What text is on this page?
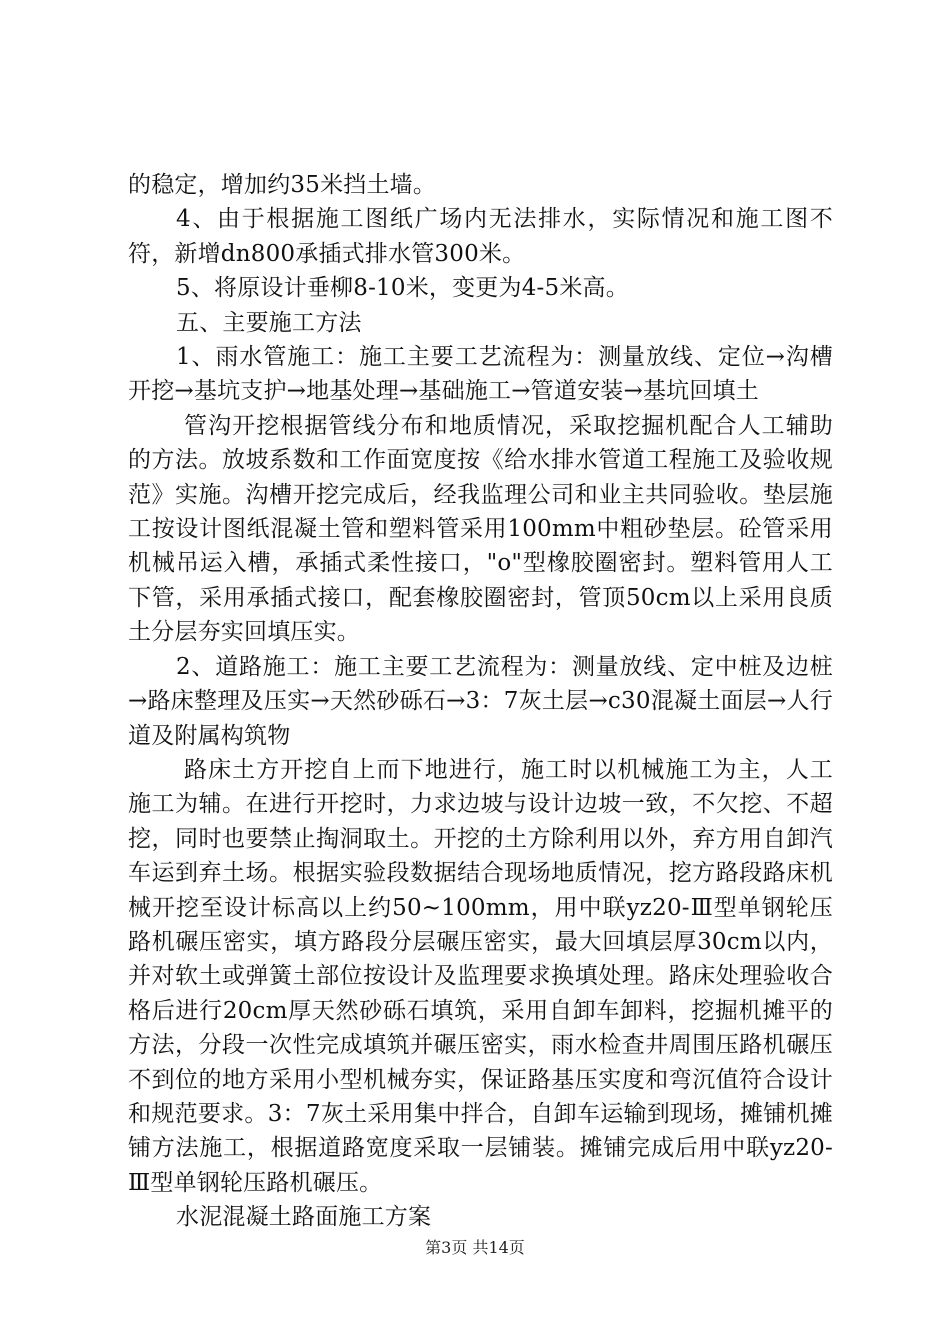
的稳定，增加约35米挡土墙。

4、由于根据施工图纸广场内无法排水，实际情况和施工图不符，新增dn800承插式排水管300米。

5、将原设计垂柳8-10米，变更为4-5米高。

五、主要施工方法

1、雨水管施工：施工主要工艺流程为：测量放线、定位→沟槽开挖→基坑支护→地基处理→基础施工→管道安装→基坑回填土

管沟开挖根据管线分布和地质情况，采取挖掘机配合人工辅助的方法。放坡系数和工作面宽度按《给水排水管道工程施工及验收规范》实施。沟槽开挖完成后，经我监理公司和业主共同验收。垫层施工按设计图纸混凝土管和塑料管采用100mm中粗砂垫层。砼管采用机械吊运入槽，承插式柔性接口，"o"型橡胶圈密封。塑料管用人工下管，采用承插式接口，配套橡胶圈密封，管顶50cm以上采用良质土分层夯实回填压实。

2、道路施工：施工主要工艺流程为：测量放线、定中桩及边桩→路床整理及压实→天然砂砾石→3：7灰土层→c30混凝土面层→人行道及附属构筑物

路床土方开挖自上而下地进行，施工时以机械施工为主，人工施工为辅。在进行开挖时，力求边坡与设计边坡一致，不欠挖、不超挖，同时也要禁止掏洞取土。开挖的土方除利用以外，弃方用自卸汽车运到弃土场。根据实验段数据结合现场地质情况，挖方路段路床机械开挖至设计标高以上约50~100mm，用中联yz20-Ⅲ型单钢轮压路机碾压密实，填方路段分层碾压密实，最大回填层厚30cm以内，并对软土或弹簧土部位按设计及监理要求换填处理。路床处理验收合格后进行20cm厚天然砂砾石填筑，采用自卸车卸料，挖掘机摊平的方法，分段一次性完成填筑并碾压密实，雨水检查井周围压路机碾压不到位的地方采用小型机械夯实，保证路基压实度和弯沉值符合设计和规范要求。3：7灰土采用集中拌合，自卸车运输到现场，摊铺机摊铺方法施工，根据道路宽度采取一层铺装。摊铺完成后用中联yz20-Ⅲ型单钢轮压路机碾压。

水泥混凝土路面施工方案

第3页 共14页
